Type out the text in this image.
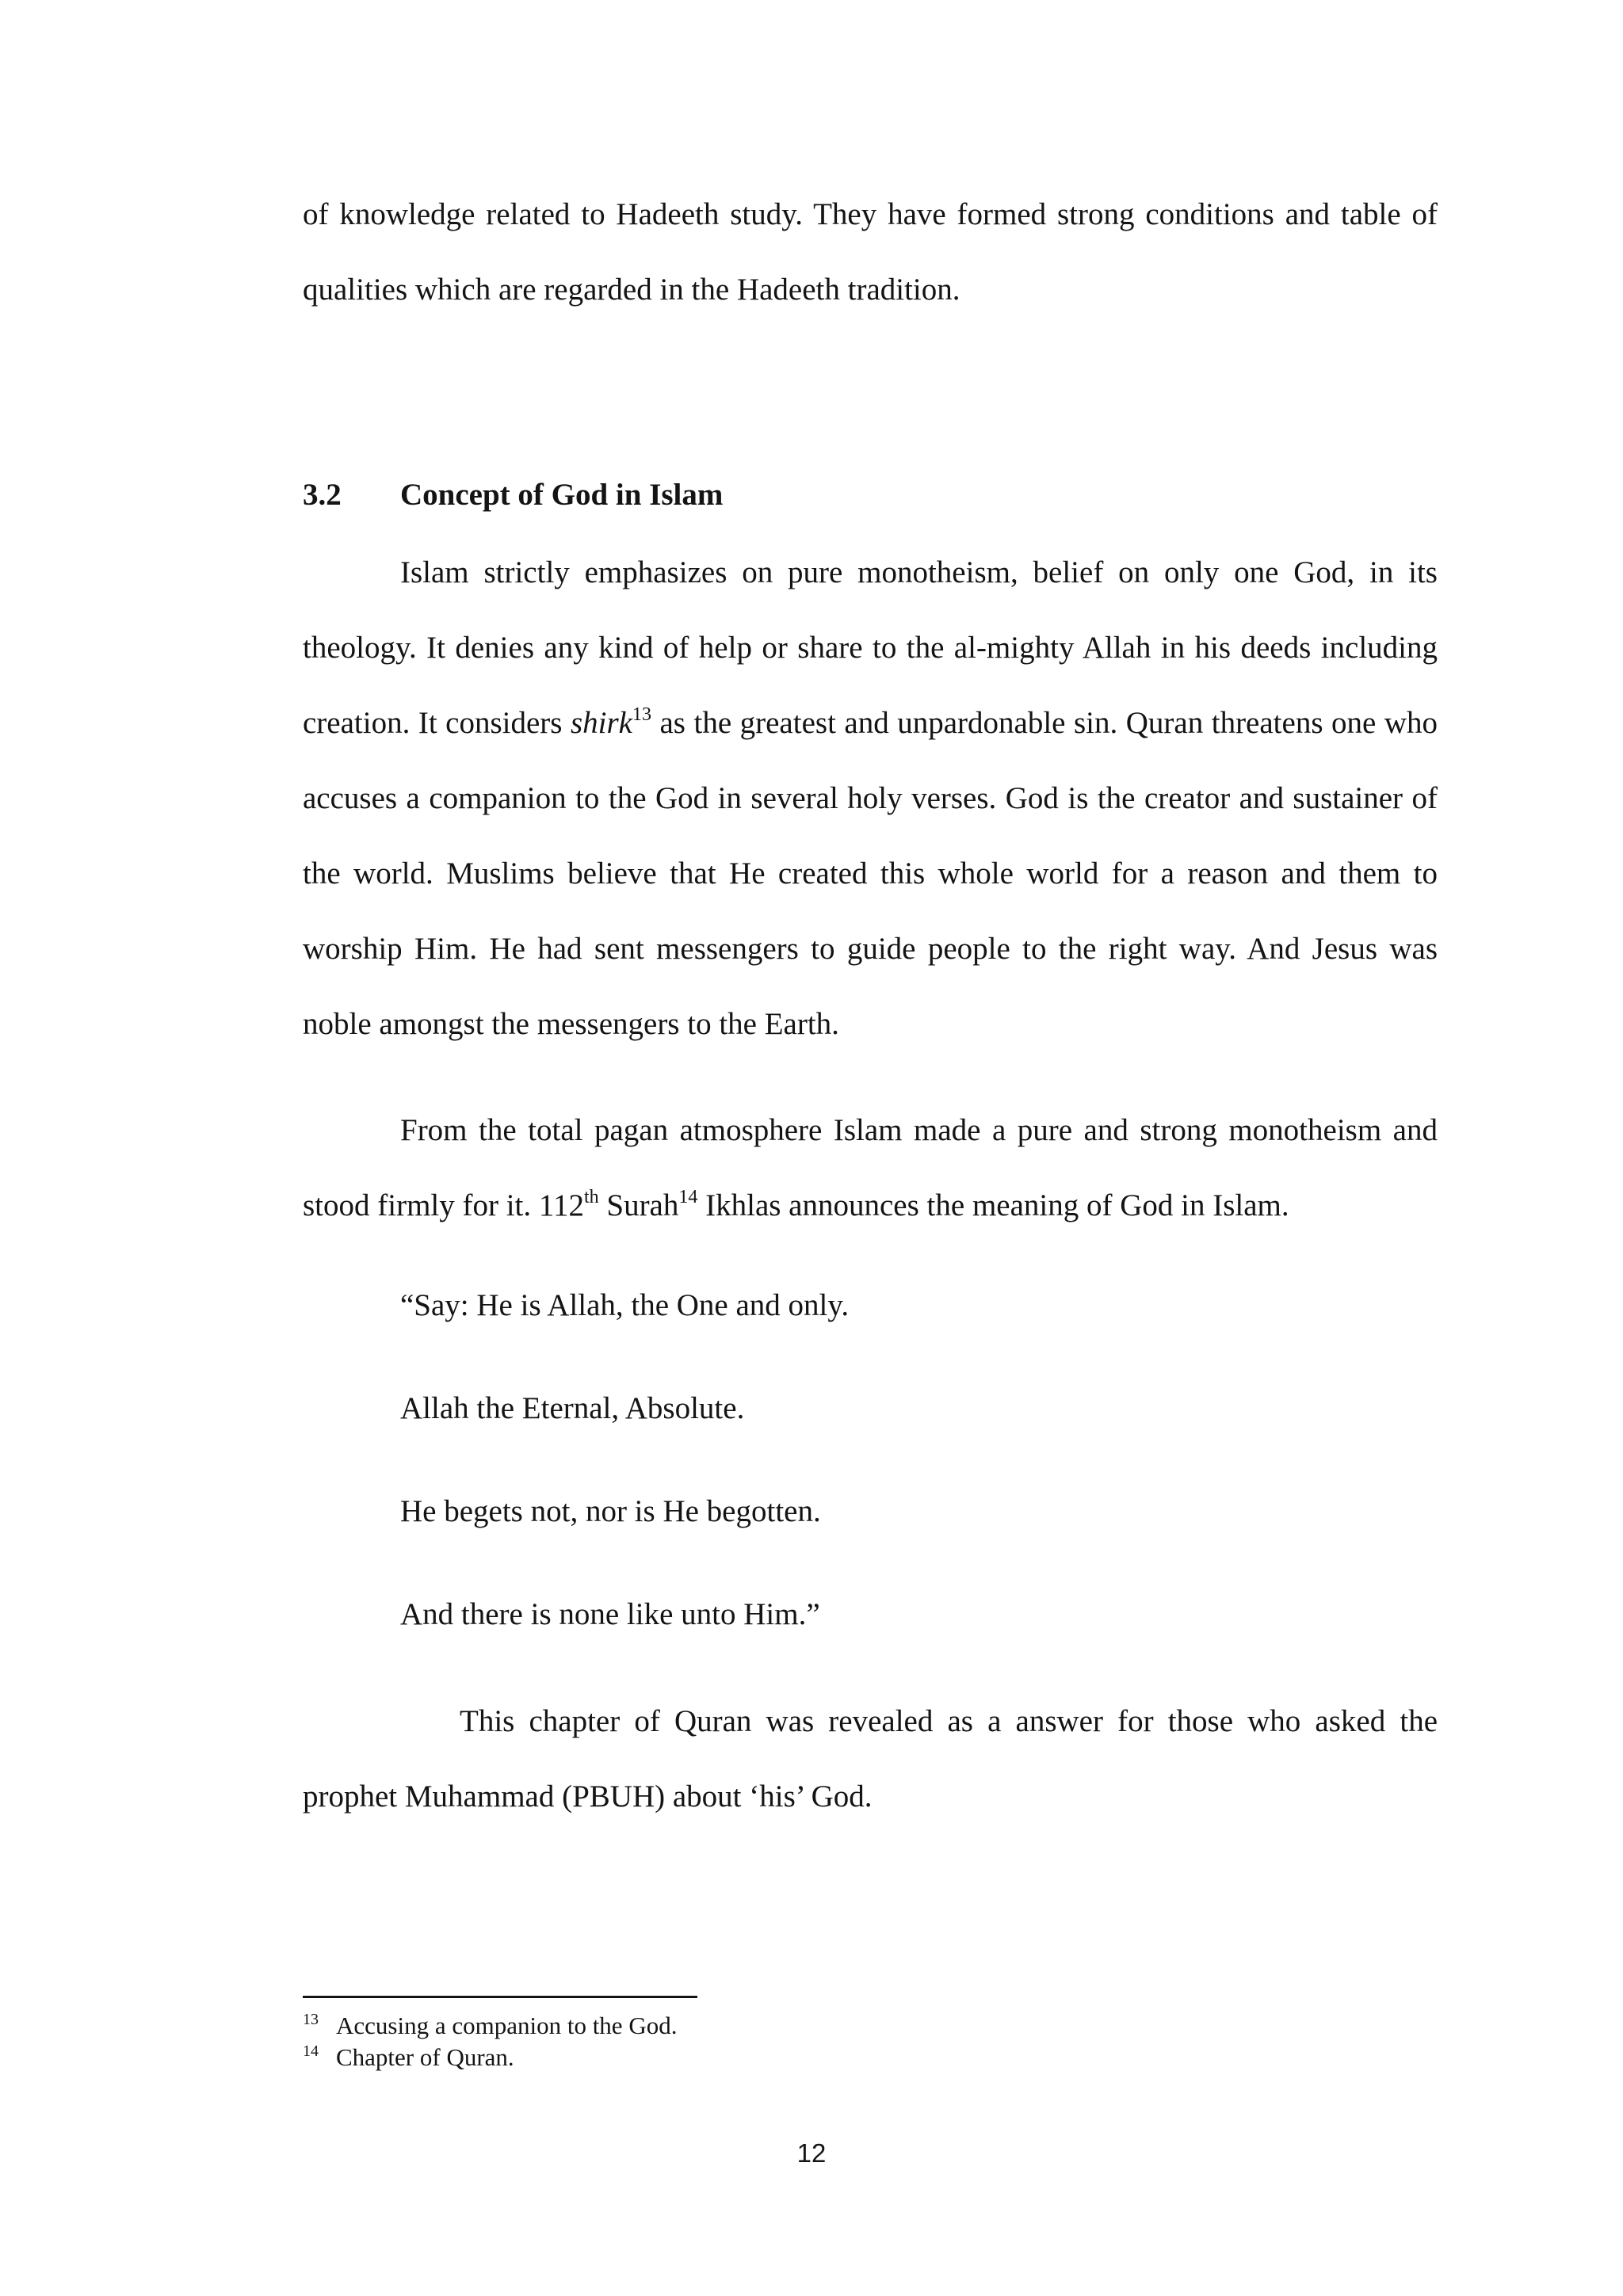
of knowledge related to Hadeeth study. They have formed strong conditions and table of qualities which are regarded in the Hadeeth tradition.

3.2 Concept of God in Islam

Islam strictly emphasizes on pure monotheism, belief on only one God, in its theology. It denies any kind of help or share to the al-mighty Allah in his deeds including creation. It considers shirk$^{13}$ as the greatest and unpardonable sin. Quran threatens one who accuses a companion to the God in several holy verses. God is the creator and sustainer of the world. Muslims believe that He created this whole world for a reason and them to worship Him. He had sent messengers to guide people to the right way. And Jesus was noble amongst the messengers to the Earth.

From the total pagan atmosphere Islam made a pure and strong monotheism and stood firmly for it. 112th Surah$^{14}$ Ikhlas announces the meaning of God in Islam.

“Say: He is Allah, the One and only.

Allah the Eternal, Absolute.

He begets not, nor is He begotten.

And there is none like unto Him.”

This chapter of Quran was revealed as a answer for those who asked the prophet Muhammad (PBUH) about ‘his’ God.

13 Accusing a companion to the God.
14 Chapter of Quran.
12
